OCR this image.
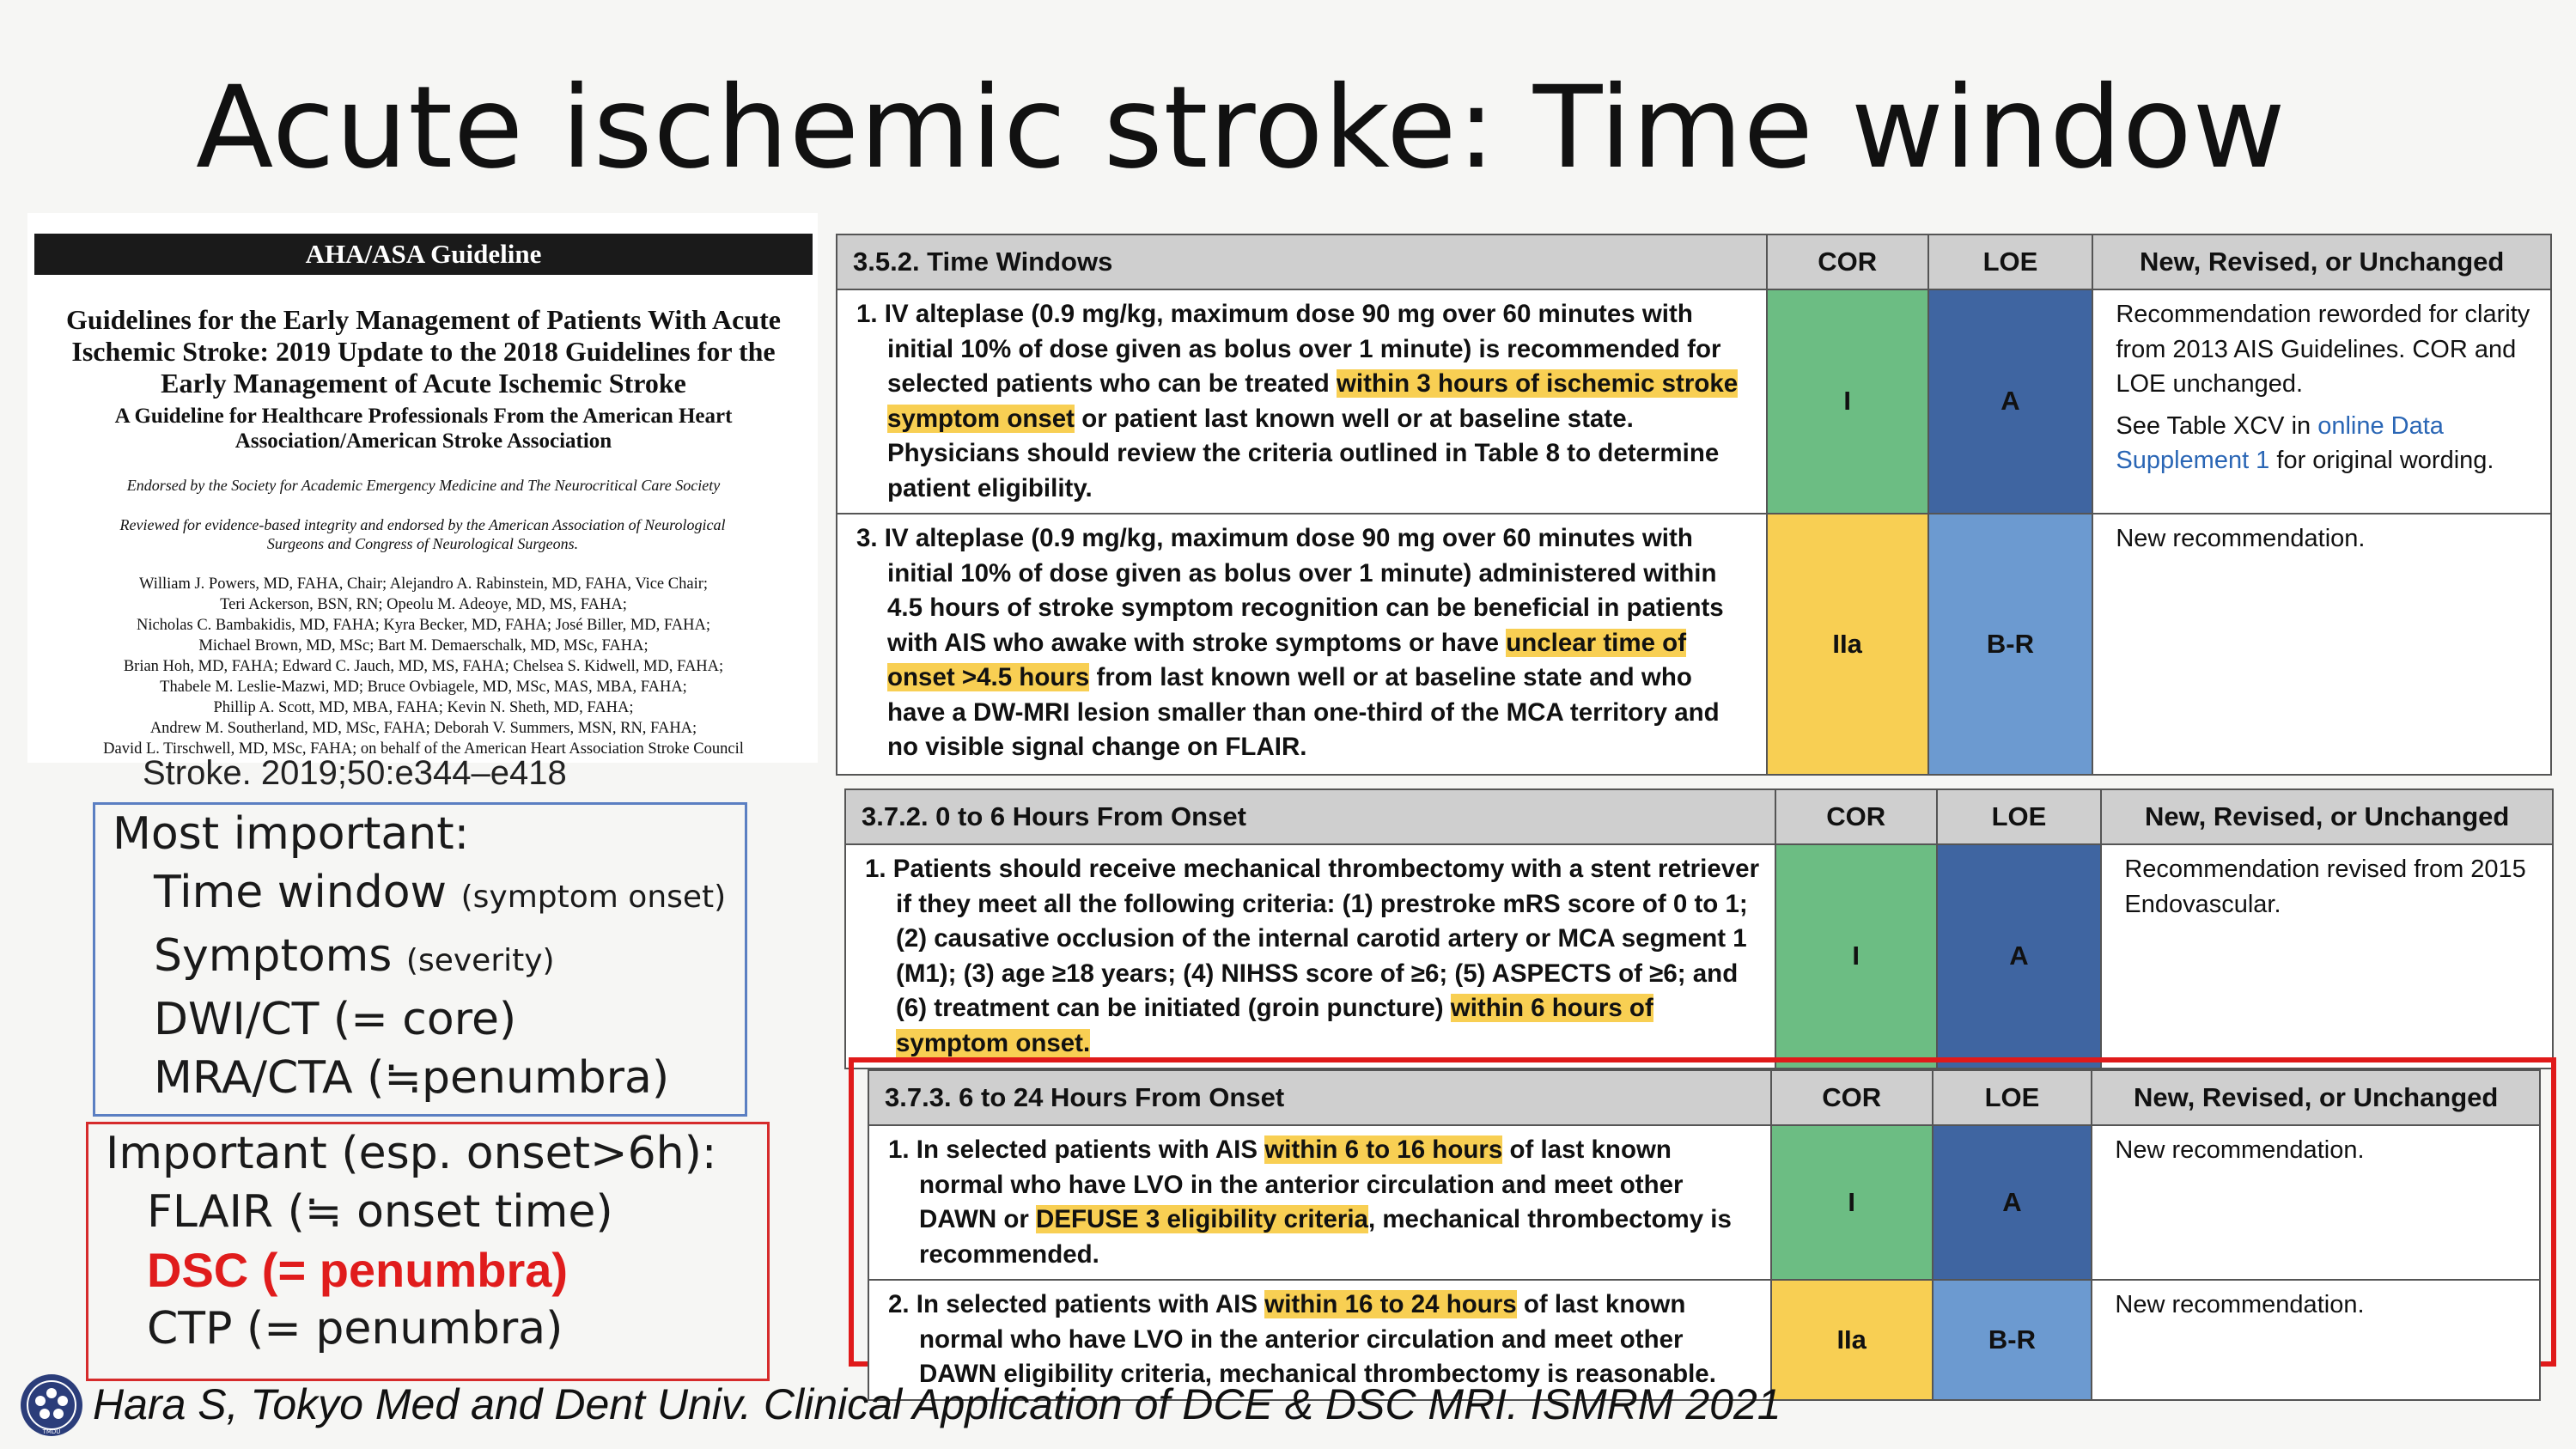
Acute ischemic stroke: Time window
AHA/ASA Guideline
Guidelines for the Early Management of Patients With Acute
Ischemic Stroke: 2019 Update to the 2018 Guidelines for the
Early Management of Acute Ischemic Stroke
A Guideline for Healthcare Professionals From the American Heart
Association/American Stroke Association
Endorsed by the Society for Academic Emergency Medicine and The Neurocritical Care Society
Reviewed for evidence-based integrity and endorsed by the American Association of Neurological
Surgeons and Congress of Neurological Surgeons.
William J. Powers, MD, FAHA, Chair; Alejandro A. Rabinstein, MD, FAHA, Vice Chair;
Teri Ackerson, BSN, RN; Opeolu M. Adeoye, MD, MS, FAHA;
Nicholas C. Bambakidis, MD, FAHA; Kyra Becker, MD, FAHA; José Biller, MD, FAHA;
Michael Brown, MD, MSc; Bart M. Demaerschalk, MD, MSc, FAHA;
Brian Hoh, MD, FAHA; Edward C. Jauch, MD, MS, FAHA; Chelsea S. Kidwell, MD, FAHA;
Thabele M. Leslie-Mazwi, MD; Bruce Ovbiagele, MD, MSc, MAS, MBA, FAHA;
Phillip A. Scott, MD, MBA, FAHA; Kevin N. Sheth, MD, FAHA;
Andrew M. Southerland, MD, MSc, FAHA; Deborah V. Summers, MSN, RN, FAHA;
David L. Tirschwell, MD, MSc, FAHA; on behalf of the American Heart Association Stroke Council
Stroke. 2019;50:e344–e418
Most important:
Time window (symptom onset)
Symptoms (severity)
DWI/CT (= core)
MRA/CTA (≒penumbra)
Important (esp. onset>6h):
FLAIR (≒ onset time)
DSC (= penumbra)
CTP (= penumbra)
3.5.2. Time Windows	COR	LOE	New, Revised, or Unchanged
1. IV alteplase (0.9 mg/kg, maximum dose 90 mg over 60 minutes with initial 10% of dose given as bolus over 1 minute) is recommended for selected patients who can be treated within 3 hours of ischemic stroke symptom onset or patient last known well or at baseline state. Physicians should review the criteria outlined in Table 8 to determine patient eligibility.	I	A	Recommendation reworded for clarity from 2013 AIS Guidelines. COR and LOE unchanged.
See Table XCV in online Data Supplement 1 for original wording.

3. IV alteplase (0.9 mg/kg, maximum dose 90 mg over 60 minutes with initial 10% of dose given as bolus over 1 minute) administered within 4.5 hours of stroke symptom recognition can be beneficial in patients with AIS who awake with stroke symptoms or have unclear time of onset >4.5 hours from last known well or at baseline state and who have a DW-MRI lesion smaller than one-third of the MCA territory and no visible signal change on FLAIR.	IIa	B-R	New recommendation.
3.7.2. 0 to 6 Hours From Onset	COR	LOE	New, Revised, or Unchanged
1. Patients should receive mechanical thrombectomy with a stent retriever if they meet all the following criteria: (1) prestroke mRS score of 0 to 1; (2) causative occlusion of the internal carotid artery or MCA segment 1 (M1); (3) age ≥18 years; (4) NIHSS score of ≥6; (5) ASPECTS of ≥6; and (6) treatment can be initiated (groin puncture) within 6 hours of symptom onset.	I	A	Recommendation revised from 2015 Endovascular.
3.7.3. 6 to 24 Hours From Onset	COR	LOE	New, Revised, or Unchanged
1. In selected patients with AIS within 6 to 16 hours of last known normal who have LVO in the anterior circulation and meet other DAWN or DEFUSE 3 eligibility criteria, mechanical thrombectomy is recommended.	I	A	New recommendation.
2. In selected patients with AIS within 16 to 24 hours of last known normal who have LVO in the anterior circulation and meet other DAWN eligibility criteria, mechanical thrombectomy is reasonable.	IIa	B-R	New recommendation.
TMDU
Hara S, Tokyo Med and Dent Univ. Clinical Application of DCE & DSC MRI. ISMRM 2021
